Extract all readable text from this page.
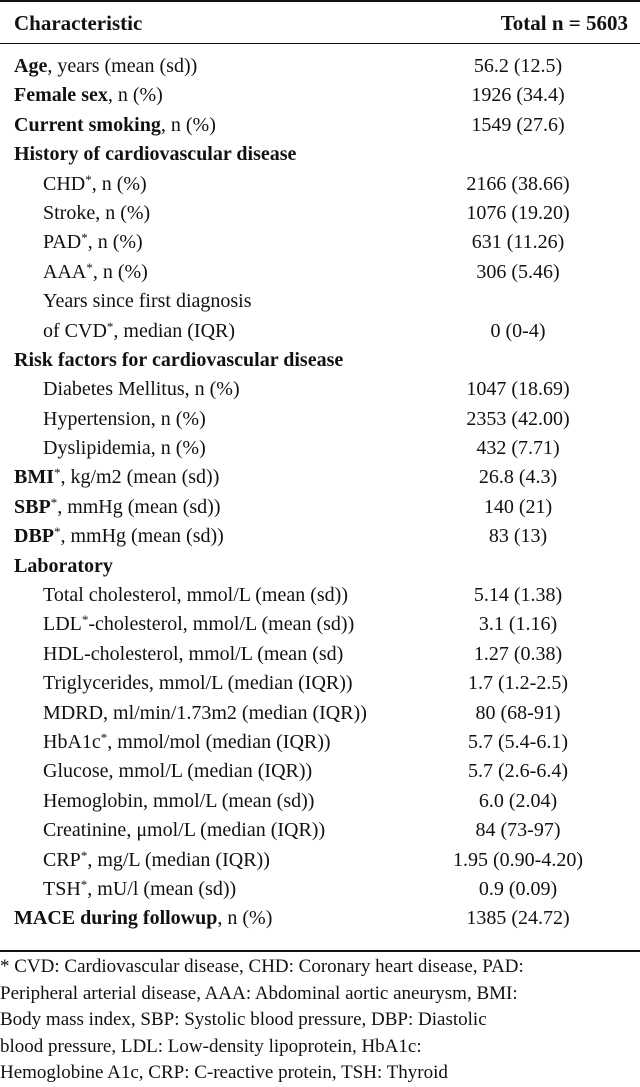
Characteristic	Total n = 5603
Age, years (mean (sd))	56.2 (12.5)
Female sex, n (%)	1926 (34.4)
Current smoking, n (%)	1549 (27.6)
History of cardiovascular disease
CHD*, n (%)	2166 (38.66)
Stroke, n (%)	1076 (19.20)
PAD*, n (%)	631 (11.26)
AAA*, n (%)	306 (5.46)
Years since first diagnosis
of CVD*, median (IQR)	0 (0-4)
Risk factors for cardiovascular disease
Diabetes Mellitus, n (%)	1047 (18.69)
Hypertension, n (%)	2353 (42.00)
Dyslipidemia, n (%)	432 (7.71)
BMI*, kg/m2 (mean (sd))	26.8 (4.3)
SBP*, mmHg (mean (sd))	140 (21)
DBP*, mmHg (mean (sd))	83 (13)
Laboratory
Total cholesterol, mmol/L (mean (sd))	5.14 (1.38)
LDL*-cholesterol, mmol/L (mean (sd))	3.1 (1.16)
HDL-cholesterol, mmol/L (mean (sd)	1.27 (0.38)
Triglycerides, mmol/L (median (IQR))	1.7 (1.2-2.5)
MDRD, ml/min/1.73m2 (median (IQR))	80 (68-91)
HbA1c*, mmol/mol (median (IQR))	5.7 (5.4-6.1)
Glucose, mmol/L (median (IQR))	5.7 (2.6-6.4)
Hemoglobin, mmol/L (mean (sd))	6.0 (2.04)
Creatinine, μmol/L (median (IQR))	84 (73-97)
CRP*, mg/L (median (IQR))	1.95 (0.90-4.20)
TSH*, mU/l (mean (sd))	0.9 (0.09)
MACE during followup, n (%)	1385 (24.72)
* CVD: Cardiovascular disease, CHD: Coronary heart disease, PAD:
Peripheral arterial disease, AAA: Abdominal aortic aneurysm, BMI:
Body mass index, SBP: Systolic blood pressure, DBP: Diastolic
blood pressure, LDL: Low-density lipoprotein, HbA1c:
Hemoglobine A1c, CRP: C-reactive protein, TSH: Thyroid
